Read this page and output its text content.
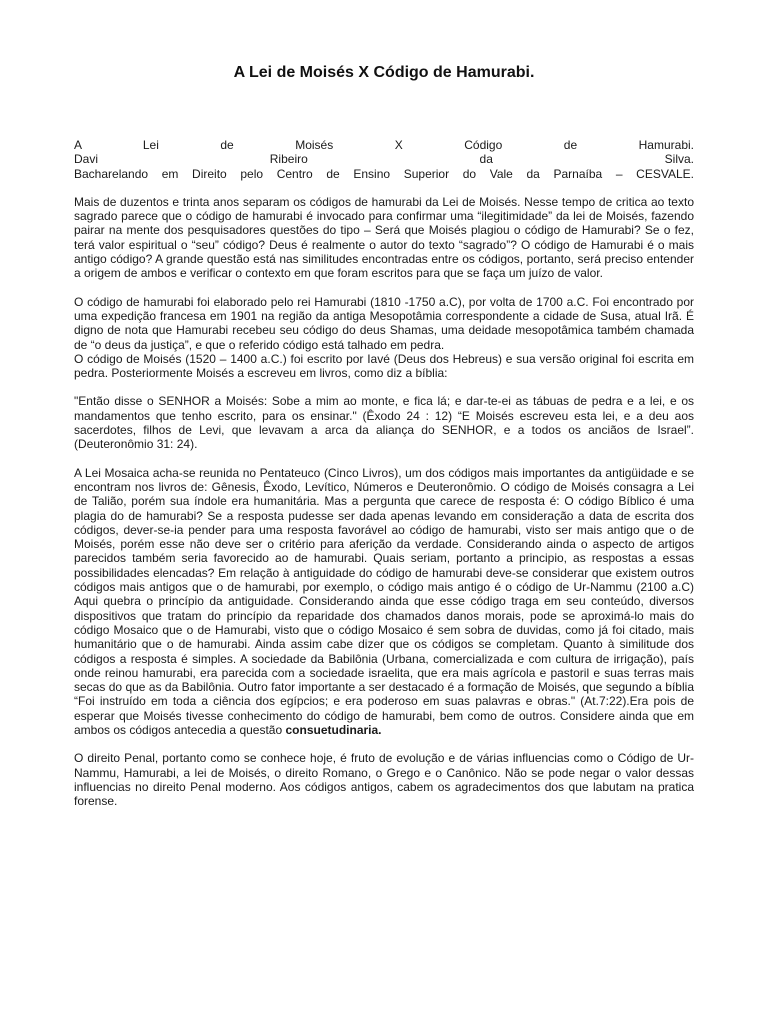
A Lei de Moisés X Código de Hamurabi.
A Lei de Moisés X Código de Hamurabi.
Davi Ribeiro da Silva.
Bacharelando em Direito pelo Centro de Ensino Superior do Vale da Parnaíba – CESVALE.

Mais de duzentos e trinta anos separam os códigos de hamurabi da Lei de Moisés. Nesse tempo de critica ao texto sagrado parece que o código de hamurabi é invocado para confirmar uma “ilegitimidade” da lei de Moisés, fazendo pairar na mente dos pesquisadores questões do tipo – Será que Moisés plagiou o código de Hamurabi? Se o fez, terá valor espiritual o “seu” código? Deus é realmente o autor do texto “sagrado”? O código de Hamurabi é o mais antigo código? A grande questão está nas similitudes encontradas entre os códigos, portanto, será preciso entender a origem de ambos e verificar o contexto em que foram escritos para que se faça um juízo de valor.

O código de hamurabi foi elaborado pelo rei Hamurabi (1810 -1750 a.C), por volta de 1700 a.C. Foi encontrado por uma expedição francesa em 1901 na região da antiga Mesopotâmia correspondente a cidade de Susa, atual Irã. É digno de nota que Hamurabi recebeu seu código do deus Shamas, uma deidade mesopotâmica também chamada de “o deus da justiça”, e que o referido código está talhado em pedra.

O código de Moisés (1520 – 1400 a.C.) foi escrito por Iavé (Deus dos Hebreus) e sua versão original foi escrita em pedra. Posteriormente Moisés a escreveu em livros, como diz a bíblia:

"Então disse o SENHOR a Moisés: Sobe a mim ao monte, e fica lá; e dar-te-ei as tábuas de pedra e a lei, e os mandamentos que tenho escrito, para os ensinar." (Êxodo 24 : 12) “E Moisés escreveu esta lei, e a deu aos sacerdotes, filhos de Levi, que levavam a arca da aliança do SENHOR, e a todos os anciãos de Israel”. (Deuteronômio 31: 24).

A Lei Mosaica acha-se reunida no Pentateuco (Cinco Livros), um dos códigos mais importantes da antigüidade e se encontram nos livros de: Gênesis, Êxodo, Levítico, Números e Deuteronômio. O código de Moisés consagra a Lei de Talião, porém sua índole era humanitária. Mas a pergunta que carece de resposta é: O código Bíblico é uma plagia do de hamurabi? Se a resposta pudesse ser dada apenas levando em consideração a data de escrita dos códigos, dever-se-ia pender para uma resposta favorável ao código de hamurabi, visto ser mais antigo que o de Moisés, porém esse não deve ser o critério para aferição da verdade. Considerando ainda o aspecto de artigos parecidos também seria favorecido ao de hamurabi. Quais seriam, portanto a principio, as respostas a essas possibilidades elencadas? Em relação à antiguidade do código de hamurabi deve-se considerar que existem outros códigos mais antigos que o de hamurabi, por exemplo, o código mais antigo é o código de Ur-Nammu (2100 a.C) Aqui quebra o princípio da antiguidade. Considerando ainda que esse código traga em seu conteúdo, diversos dispositivos que tratam do princípio da reparidade dos chamados danos morais, pode se aproximá-lo mais do código Mosaico que o de Hamurabi, visto que o código Mosaico é sem sobra de duvidas, como já foi citado, mais humanitário que o de hamurabi. Ainda assim cabe dizer que os códigos se completam. Quanto à similitude dos códigos a resposta é simples. A sociedade da Babilônia (Urbana, comercializada e com cultura de irrigação), país onde reinou hamurabi, era parecida com a sociedade israelita, que era mais agrícola e pastoril e suas terras mais secas do que as da Babilônia. Outro fator importante a ser destacado é a formação de Moisés, que segundo a bíblia “Foi instruído em toda a ciência dos egípcios; e era poderoso em suas palavras e obras." (At.7:22).Era pois de esperar que Moisés tivesse conhecimento do código de hamurabi, bem como de outros. Considere ainda que em ambos os códigos antecedia a questão consuetudinaria.

O direito Penal, portanto como se conhece hoje, é fruto de evolução e de várias influencias como o Código de Ur-Nammu, Hamurabi, a lei de Moisés, o direito Romano, o Grego e o Canônico. Não se pode negar o valor dessas influencias no direito Penal moderno. Aos códigos antigos, cabem os agradecimentos dos que labutam na pratica forense.
